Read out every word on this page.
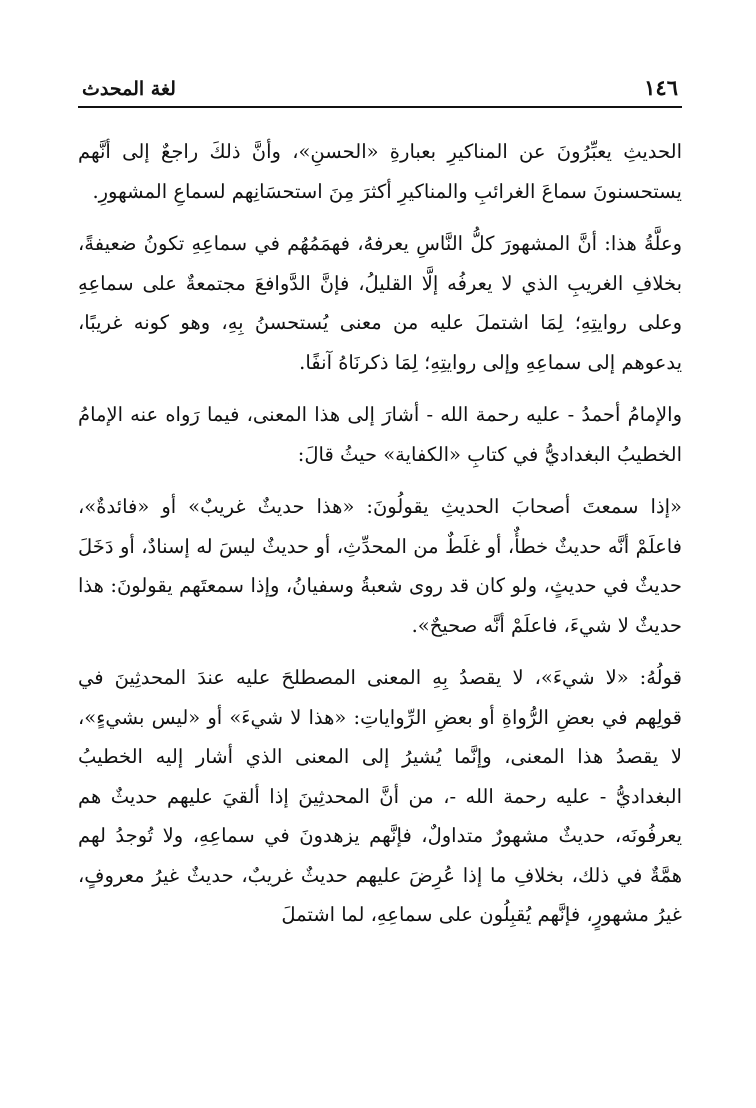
١٤٦
لغة المحدث

الحديثِ يعبِّرُونَ عن المناكيرِ بعبارةِ «الحسنِ»، وأنَّ ذلكَ راجعٌ إلى أنَّهم يستحسنونَ سماعَ الغرائبِ والمناكيرِ أكثرَ مِنَ استحسَانِهم لسماعِ المشهورِ.

وعلَّةُ هذا: أنَّ المشهورَ كلُّ النَّاسِ يعرفهُ، فهمَمُهُم في سماعِهِ تكونُ ضعيفةً، بخلافِ الغريبِ الذي لا يعرفُه إلَّا القليلُ، فإنَّ الدَّوافعَ مجتمعةٌ على سماعِهِ وعلى روايتِهِ؛ لِمَا اشتملَ عليه من معنى يُستحسنُ بِهِ، وهو كونه غريبًا، يدعوهم إلى سماعِهِ وإلى روايتِهِ؛ لِمَا ذكرنَاهُ آنفًا.

والإمامُ أحمدُ - عليه رحمة الله - أشارَ إلى هذا المعنى، فيما رَواه عنه الإمامُ الخطيبُ البغداديُّ في كتابِ «الكفاية» حيثُ قالَ:

«إذا سمعتَ أصحابَ الحديثِ يقولُونَ: «هذا حديثٌ غريبٌ» أو «فائدةٌ»، فاعلَمْ أنَّه حديثٌ خطأٌ، أو غلَطٌ من المحدِّثِ، أو حديثٌ ليسَ له إسنادٌ، أو دَخَلَ حديثٌ في حديثٍ، ولو كان قد روى شعبةُ وسفيانُ، وإذا سمعتَهم يقولونَ: هذا حديثٌ لا شيءَ، فاعلَمْ أنَّه صحيحٌ».

قولُهُ: «لا شيءَ»، لا يقصدُ بِهِ المعنى المصطلحَ عليه عندَ المحدثِينَ في قولِهم في بعضِ الرُّواةِ أو بعضِ الرِّواياتِ: «هذا لا شيءَ» أو «ليس بشيءٍ»، لا يقصدُ هذا المعنى، وإنَّما يُشيرُ إلى المعنى الذي أشار إليه الخطيبُ البغداديُّ - عليه رحمة الله -، من أنَّ المحدثِينَ إذا ألقيَ عليهم حديثٌ هم يعرفُونَه، حديثٌ مشهورٌ متداولٌ، فإنَّهم يزهدونَ في سماعِهِ، ولا تُوجدُ لهم همَّةٌ في ذلك، بخلافِ ما إذا عُرِضَ عليهم حديثٌ غريبٌ، حديثٌ غيرُ معروفٍ، غيرُ مشهورٍ، فإنَّهم يُقبِلُون على سماعِهِ، لما اشتملَ
